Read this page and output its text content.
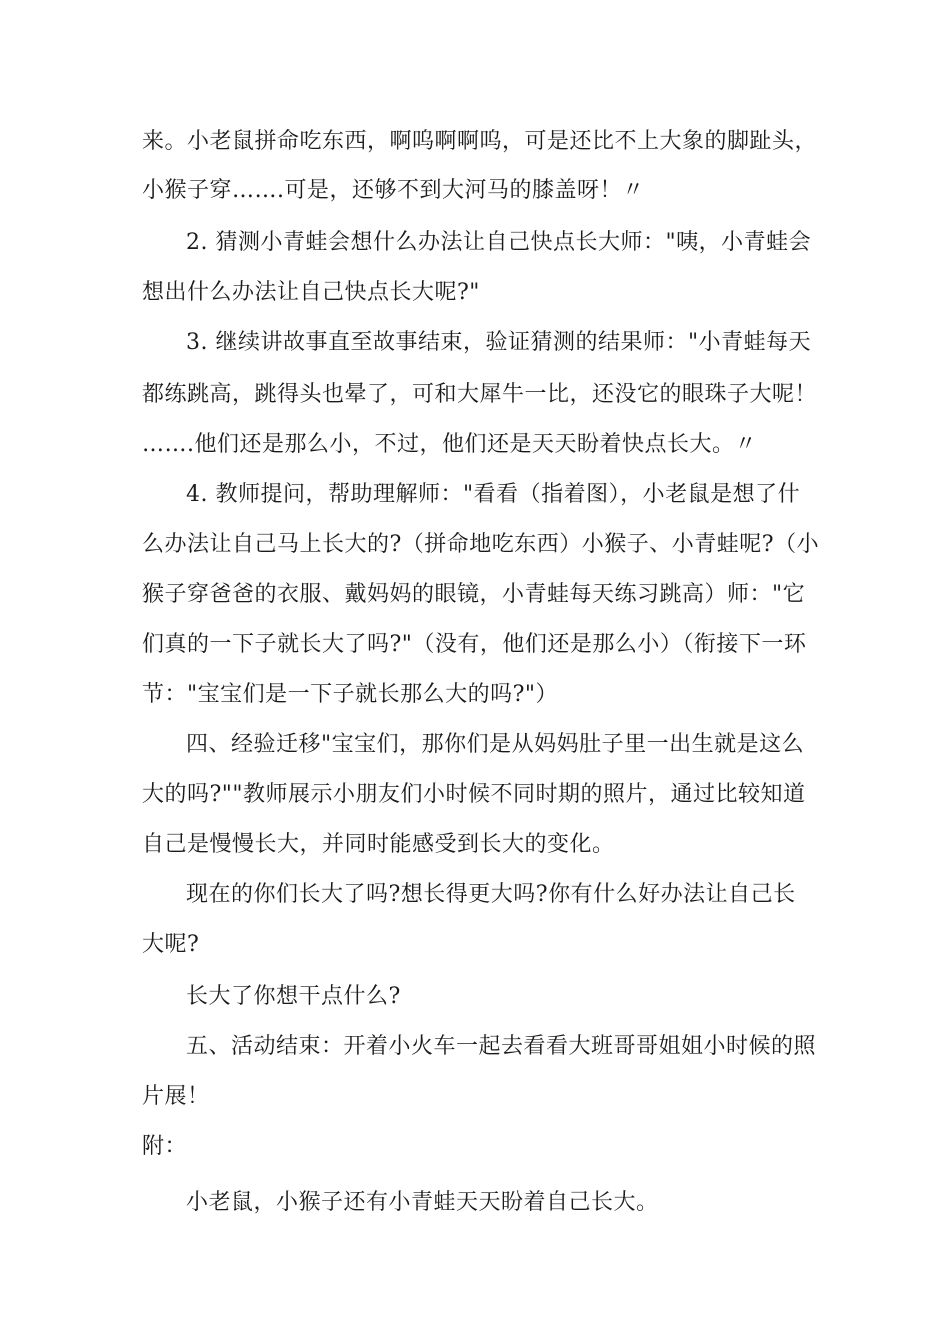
来。小老鼠拼命吃东西，啊呜啊啊呜，可是还比不上大象的脚趾头，
小猴子穿…….可是，还够不到大河马的膝盖呀！〃
2. 猜测小青蛙会想什么办法让自己快点长大师："咦，小青蛙会
想出什么办法让自己快点长大呢?"
3. 继续讲故事直至故事结束，验证猜测的结果师："小青蛙每天
都练跳高，跳得头也晕了，可和大犀牛一比，还没它的眼珠子大呢！
…….他们还是那么小，不过，他们还是天天盼着快点长大。〃
4. 教师提问，帮助理解师："看看（指着图），小老鼠是想了什
么办法让自己马上长大的?（拼命地吃东西）小猴子、小青蛙呢?（小
猴子穿爸爸的衣服、戴妈妈的眼镜，小青蛙每天练习跳高）师："它
们真的一下子就长大了吗?"（没有，他们还是那么小）（衔接下一环
节："宝宝们是一下子就长那么大的吗?"）
四、经验迁移"宝宝们，那你们是从妈妈肚子里一出生就是这么
大的吗?""教师展示小朋友们小时候不同时期的照片，通过比较知道
自己是慢慢长大，并同时能感受到长大的变化。
现在的你们长大了吗?想长得更大吗?你有什么好办法让自己长
大呢?
长大了你想干点什么?
五、活动结束：开着小火车一起去看看大班哥哥姐姐小时候的照
片展！
附：
小老鼠，小猴子还有小青蛙天天盼着自己长大。
